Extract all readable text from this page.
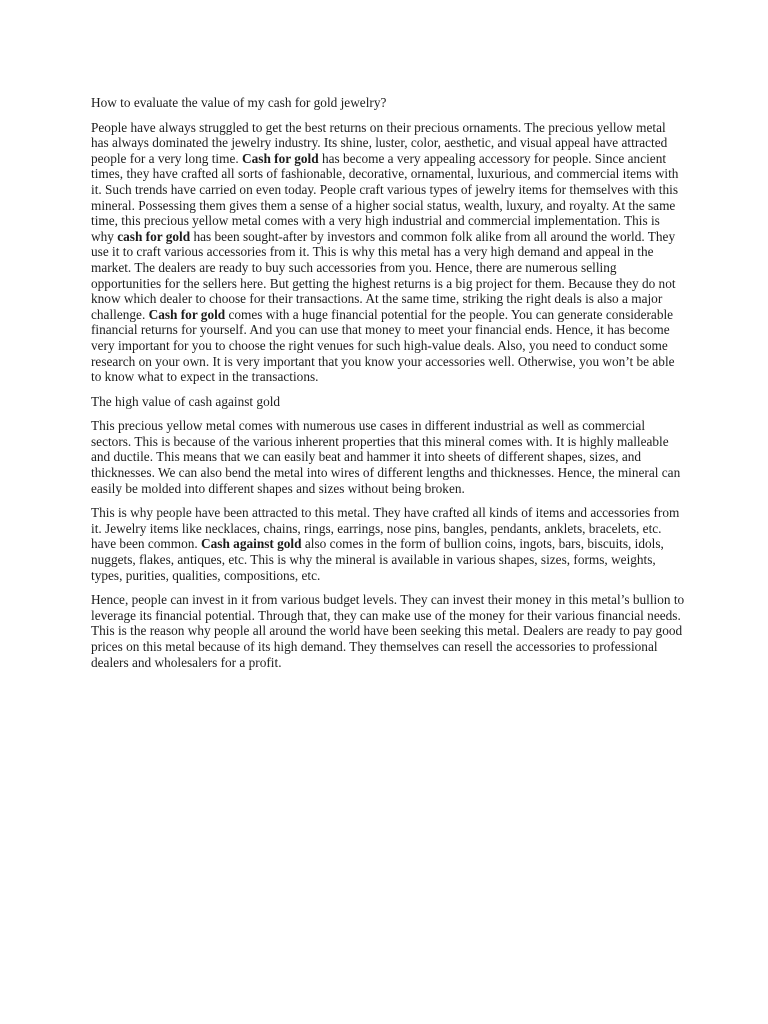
How to evaluate the value of my cash for gold jewelry?

People have always struggled to get the best returns on their precious ornaments. The precious yellow metal has always dominated the jewelry industry. Its shine, luster, color, aesthetic, and visual appeal have attracted people for a very long time. Cash for gold has become a very appealing accessory for people. Since ancient times, they have crafted all sorts of fashionable, decorative, ornamental, luxurious, and commercial items with it. Such trends have carried on even today. People craft various types of jewelry items for themselves with this mineral. Possessing them gives them a sense of a higher social status, wealth, luxury, and royalty. At the same time, this precious yellow metal comes with a very high industrial and commercial implementation. This is why cash for gold has been sought-after by investors and common folk alike from all around the world. They use it to craft various accessories from it. This is why this metal has a very high demand and appeal in the market. The dealers are ready to buy such accessories from you. Hence, there are numerous selling opportunities for the sellers here. But getting the highest returns is a big project for them. Because they do not know which dealer to choose for their transactions. At the same time, striking the right deals is also a major challenge. Cash for gold comes with a huge financial potential for the people. You can generate considerable financial returns for yourself. And you can use that money to meet your financial ends. Hence, it has become very important for you to choose the right venues for such high-value deals. Also, you need to conduct some research on your own. It is very important that you know your accessories well. Otherwise, you won’t be able to know what to expect in the transactions.

The high value of cash against gold

This precious yellow metal comes with numerous use cases in different industrial as well as commercial sectors. This is because of the various inherent properties that this mineral comes with. It is highly malleable and ductile. This means that we can easily beat and hammer it into sheets of different shapes, sizes, and thicknesses. We can also bend the metal into wires of different lengths and thicknesses. Hence, the mineral can easily be molded into different shapes and sizes without being broken.

This is why people have been attracted to this metal. They have crafted all kinds of items and accessories from it. Jewelry items like necklaces, chains, rings, earrings, nose pins, bangles, pendants, anklets, bracelets, etc. have been common. Cash against gold also comes in the form of bullion coins, ingots, bars, biscuits, idols, nuggets, flakes, antiques, etc. This is why the mineral is available in various shapes, sizes, forms, weights, types, purities, qualities, compositions, etc.

Hence, people can invest in it from various budget levels. They can invest their money in this metal’s bullion to leverage its financial potential. Through that, they can make use of the money for their various financial needs. This is the reason why people all around the world have been seeking this metal. Dealers are ready to pay good prices on this metal because of its high demand. They themselves can resell the accessories to professional dealers and wholesalers for a profit.
